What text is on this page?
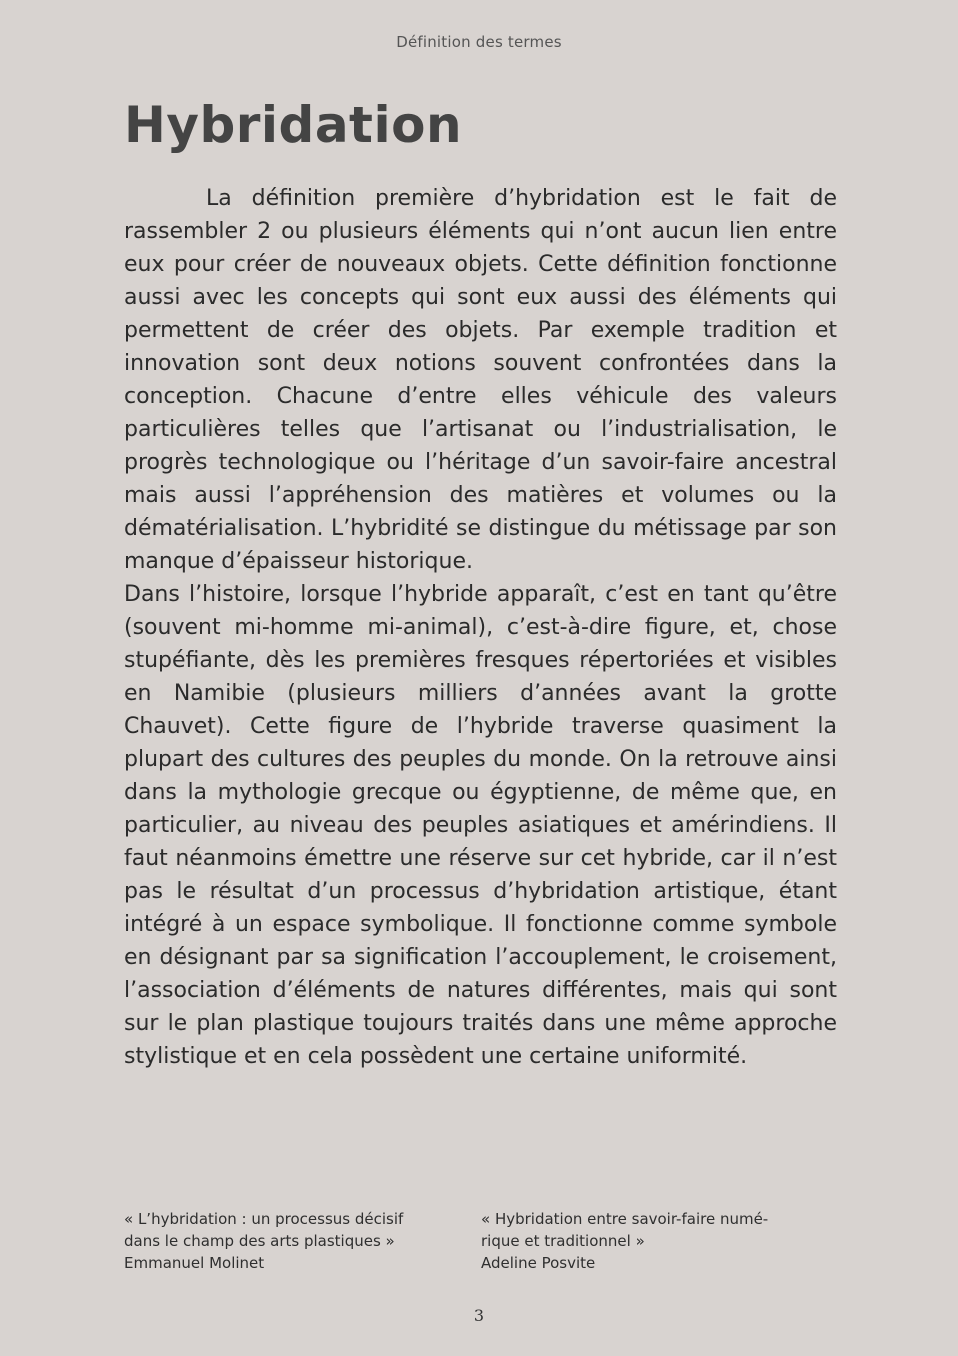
Définition des termes
Hybridation

La définition première d’hybridation est le fait de rassembler 2 ou plusieurs éléments qui n’ont aucun lien entre eux pour créer de nouveaux objets. Cette définition fonctionne aussi avec les concepts qui sont eux aussi des éléments qui permettent de créer des objets. Par exemple tradition et innovation sont deux notions souvent confrontées dans la conception. Chacune d’entre elles véhicule des valeurs particulières telles que l’artisanat ou l’industrialisation, le progrès technologique ou l’héritage d’un savoir-faire ancestral mais aussi l’appréhension des matières et volumes ou la dématérialisation. L’hybridité se distingue du métissage par son manque d’épaisseur historique.

Dans l’histoire, lorsque l’hybride apparaît, c’est en tant qu’être (souvent mi-homme mi-animal), c’est-à-dire figure, et, chose stupéfiante, dès les premières fresques répertoriées et visibles en Namibie (plusieurs milliers d’années avant la grotte Chauvet). Cette figure de l’hybride traverse quasiment la plupart des cultures des peuples du monde. On la retrouve ainsi dans la mythologie grecque ou égyptienne, de même que, en particulier, au niveau des peuples asiatiques et amérindiens. Il faut néanmoins émettre une réserve sur cet hybride, car il n’est pas le résultat d’un processus d’hybridation artistique, étant intégré à un espace symbolique. Il fonctionne comme symbole en désignant par sa signification l’accouplement, le croisement, l’association d’éléments de natures différentes, mais qui sont sur le plan plastique toujours traités dans une même approche stylistique et en cela possèdent une certaine uniformité.

« L’hybridation : un processus décisif
dans le champ des arts plastiques »
Emmanuel Molinet
« Hybridation entre savoir-faire numé-
rique et traditionnel »
Adeline Posvite
3
